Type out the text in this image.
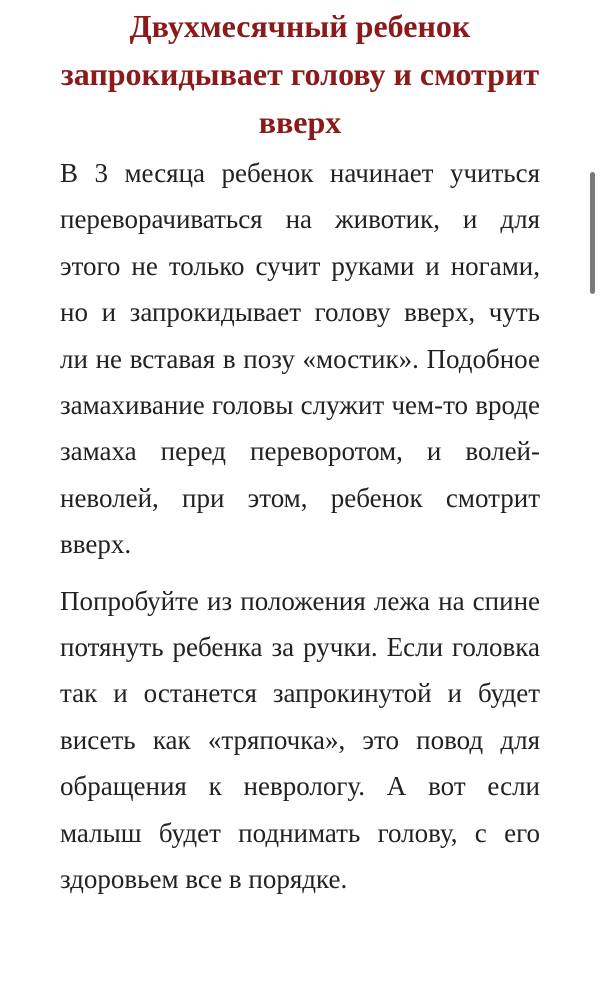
Двухмесячный ребенок запрокидывает голову и смотрит вверх

В 3 месяца ребенок начинает учиться переворачиваться на животик, и для этого не только сучит руками и ногами, но и запрокидывает голову вверх, чуть ли не вставая в позу «мостик». Подобное замахивание головы служит чем-то вроде замаха перед переворотом, и волей-неволей, при этом, ребенок смотрит вверх.

Попробуйте из положения лежа на спине потянуть ребенка за ручки. Если головка так и останется запрокинутой и будет висеть как «тряпочка», это повод для обращения к неврологу. А вот если малыш будет поднимать голову, с его здоровьем все в порядке.
